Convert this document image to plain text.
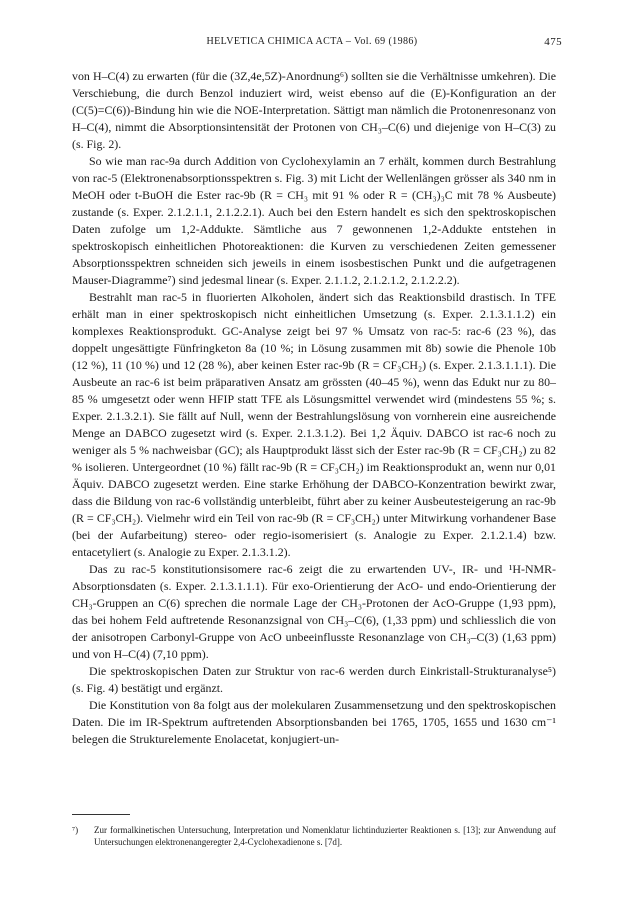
HELVETICA CHIMICA ACTA – Vol. 69 (1986)	475

von H–C(4) zu erwarten (für die (3Z,4e,5Z)-Anordnung⁶) sollten sie die Verhältnisse umkehren). Die Verschiebung, die durch Benzol induziert wird, weist ebenso auf die (E)-Konfiguration an der (C(5)=C(6))-Bindung hin wie die NOE-Interpretation. Sättigt man nämlich die Protonenresonanz von H–C(4), nimmt die Absorptionsintensität der Protonen von CH₃–C(6) und diejenige von H–C(3) zu (s. Fig. 2).

So wie man rac-9a durch Addition von Cyclohexylamin an 7 erhält, kommen durch Bestrahlung von rac-5 (Elektronenabsorptionsspektren s. Fig. 3) mit Licht der Wellenlängen grösser als 340 nm in MeOH oder t-BuOH die Ester rac-9b (R = CH₃ mit 91 % oder R = (CH₃)₃C mit 78 % Ausbeute) zustande (s. Exper. 2.1.2.1.1, 2.1.2.2.1). Auch bei den Estern handelt es sich den spektroskopischen Daten zufolge um 1,2-Addukte. Sämtliche aus 7 gewonnenen 1,2-Addukte entstehen in spektroskopisch einheitlichen Photoreaktionen: die Kurven zu verschiedenen Zeiten gemessener Absorptionsspektren schneiden sich jeweils in einem isosbestischen Punkt und die aufgetragenen Mauser-Diagramme⁷) sind jedesmal linear (s. Exper. 2.1.1.2, 2.1.2.1.2, 2.1.2.2.2).

Bestrahlt man rac-5 in fluorierten Alkoholen, ändert sich das Reaktionsbild drastisch. In TFE erhält man in einer spektroskopisch nicht einheitlichen Umsetzung (s. Exper. 2.1.3.1.1.2) ein komplexes Reaktionsprodukt. GC-Analyse zeigt bei 97 % Umsatz von rac-5: rac-6 (23 %), das doppelt ungesättigte Fünfringketon 8a (10 %; in Lösung zusammen mit 8b) sowie die Phenole 10b (12 %), 11 (10 %) und 12 (28 %), aber keinen Ester rac-9b (R = CF₃CH₂) (s. Exper. 2.1.3.1.1.1). Die Ausbeute an rac-6 ist beim präparativen Ansatz am grössten (40–45 %), wenn das Edukt nur zu 80–85 % umgesetzt oder wenn HFIP statt TFE als Lösungsmittel verwendet wird (mindestens 55 %; s. Exper. 2.1.3.2.1). Sie fällt auf Null, wenn der Bestrahlungslösung von vornherein eine ausreichende Menge an DABCO zugesetzt wird (s. Exper. 2.1.3.1.2). Bei 1,2 Äquiv. DABCO ist rac-6 noch zu weniger als 5 % nachweisbar (GC); als Hauptprodukt lässt sich der Ester rac-9b (R = CF₃CH₂) zu 82 % isolieren. Untergeordnet (10 %) fällt rac-9b (R = CF₃CH₂) im Reaktionsprodukt an, wenn nur 0,01 Äquiv. DABCO zugesetzt werden. Eine starke Erhöhung der DABCO-Konzentration bewirkt zwar, dass die Bildung von rac-6 vollständig unterbleibt, führt aber zu keiner Ausbeutesteigerung an rac-9b (R = CF₃CH₂). Vielmehr wird ein Teil von rac-9b (R = CF₃CH₂) unter Mitwirkung vorhandener Base (bei der Aufarbeitung) stereo- oder regio-isomerisiert (s. Analogie zu Exper. 2.1.2.1.4) bzw. entacetyliert (s. Analogie zu Exper. 2.1.3.1.2).

Das zu rac-5 konstitutionsisomere rac-6 zeigt die zu erwartenden UV-, IR- und ¹H-NMR-Absorptionsdaten (s. Exper. 2.1.3.1.1.1). Für exo-Orientierung der AcO- und endo-Orientierung der CH₃-Gruppen an C(6) sprechen die normale Lage der CH₃-Protonen der AcO-Gruppe (1,93 ppm), das bei hohem Feld auftretende Resonanzsignal von CH₃–C(6), (1,33 ppm) und schliesslich die von der anisotropen Carbonyl-Gruppe von AcO unbeeinflusste Resonanzlage von CH₃–C(3) (1,63 ppm) und von H–C(4) (7,10 ppm).

Die spektroskopischen Daten zur Struktur von rac-6 werden durch Einkristall-Strukturanalyse⁵) (s. Fig. 4) bestätigt und ergänzt.

Die Konstitution von 8a folgt aus der molekularen Zusammensetzung und den spektroskopischen Daten. Die im IR-Spektrum auftretenden Absorptionsbanden bei 1765, 1705, 1655 und 1630 cm⁻¹ belegen die Strukturelemente Enolacetat, konjugiert-un-

⁷) Zur formalkinetischen Untersuchung, Interpretation und Nomenklatur lichtinduzierter Reaktionen s. [13]; zur Anwendung auf Untersuchungen elektronenangeregter 2,4-Cyclohexadienone s. [7d].
